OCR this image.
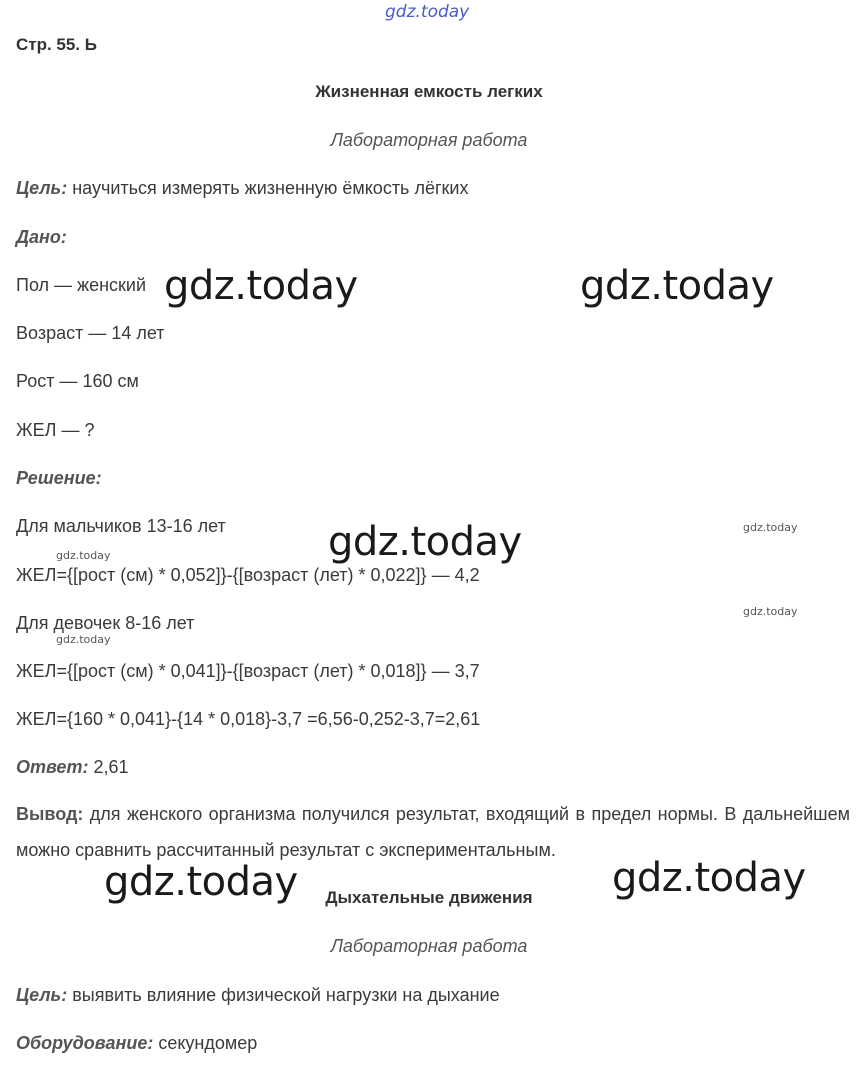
gdz.today
Стр. 55. Ь
Жизненная емкость легких
Лабораторная работа
Цель: научиться измерять жизненную ёмкость лёгких
Дано:
Пол — женский
Возраст — 14 лет
Рост — 160 см
ЖЕЛ — ?
Решение:
Для мальчиков 13-16 лет
ЖЕЛ={[рост (см) * 0,052]}-{[возраст (лет) * 0,022]} — 4,2
Для девочек 8-16 лет
ЖЕЛ={[рост (см) * 0,041]}-{[возраст (лет) * 0,018]} — 3,7
ЖЕЛ={160 * 0,041}-{14 * 0,018}-3,7 =6,56-0,252-3,7=2,61
Ответ: 2,61
Вывод: для женского организма получился результат, входящий в предел нормы. В дальнейшем можно сравнить рассчитанный результат с экспериментальным.
Дыхательные движения
Лабораторная работа
Цель: выявить влияние физической нагрузки на дыхание
Оборудование: секундомер
gdz.today	gdz.today
gdz.today
gdz.today	gdz.today
gdz.today
gdz.today
gdz.today
gdz.today
